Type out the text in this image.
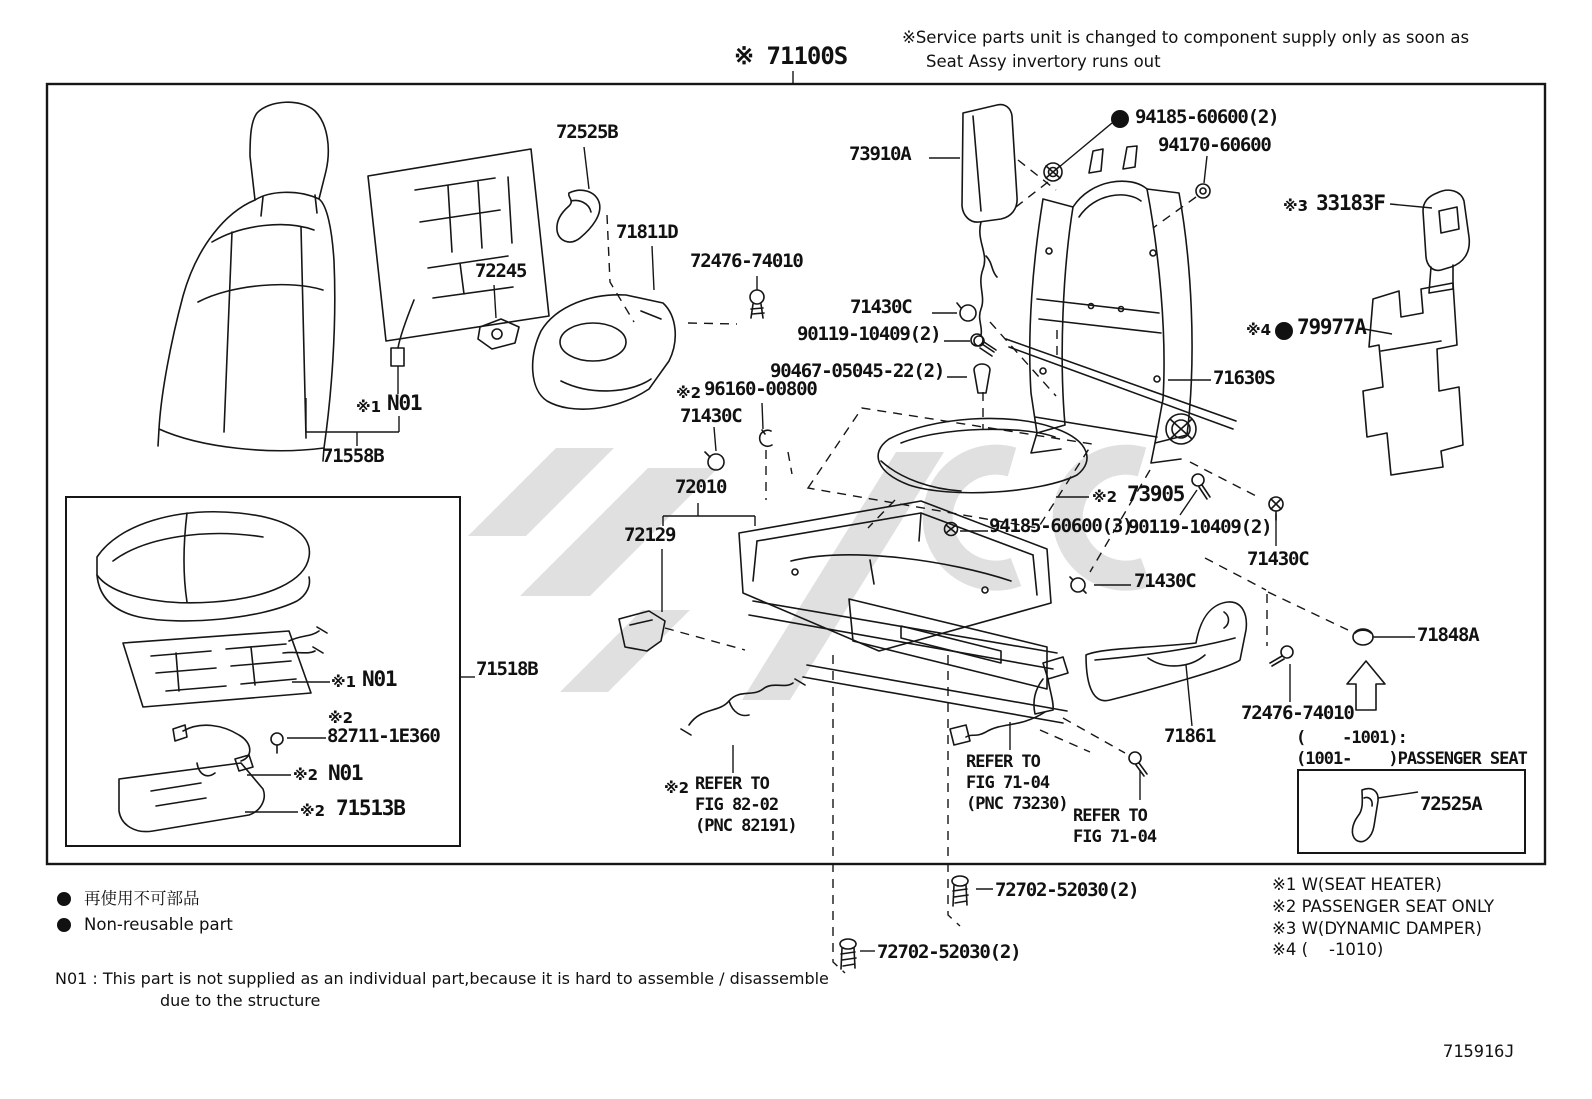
※Service parts unit is changed to component supply only as soon as
Seat Assy invertory runs out
※ 71100S
72525B
71811D
72476-74010
72245
73910A
94185-60600(2)
94170-60600
※3 33183F
※4 79977A
71430C
90119-10409(2)
90467-05045-22(2)
※2 96160-00800
71430C
71630S
※2 73905
94185-60600(3)
90119-10409(2)
71430C
71430C
72010
72129
71558B
※1 N01
71518B
※1 N01
※2
82711-1E360
※2 N01
※2 71513B
※2 REFER TO
FIG 82-02
(PNC 82191)
REFER TO
FIG 71-04
(PNC 73230)
REFER TO
FIG 71-04
71848A
72476-74010
71861	(    -1001):
(1001-    )PASSENGER SEAT
72525A
72702-52030(2)
72702-52030(2)
※1 W(SEAT HEATER)
※2 PASSENGER SEAT ONLY
※3 W(DYNAMIC DAMPER)
※4 (    -1010)
再使用不可部品
Non-reusable part
N01 : This part is not supplied as an individual part,because it is hard to assemble / disassemble
due to the structure
715916J
